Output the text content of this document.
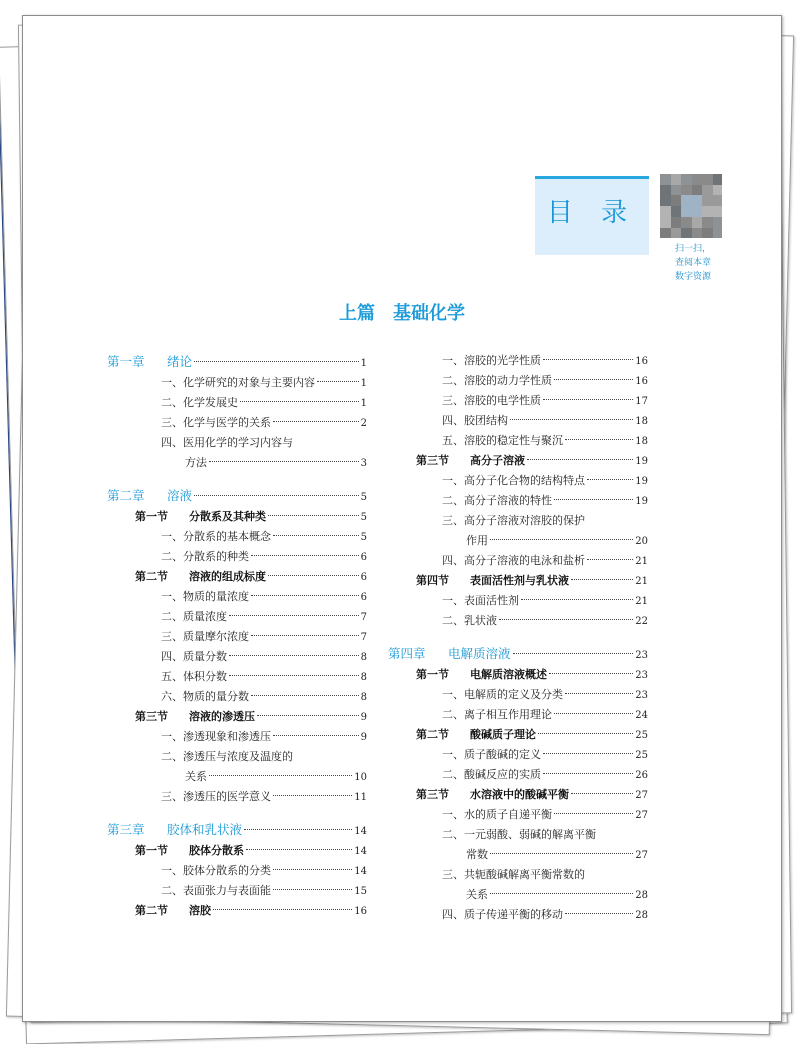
目 录
扫一扫，
查阅本章
数字资源
上篇　基础化学
第一章	绪论	1
一、化学研究的对象与主要内容	1
二、化学发展史	1
三、化学与医学的关系	2
四、医用化学的学习内容与
方法	3
第二章	溶液	5
第一节	分散系及其种类	5
一、分散系的基本概念	5
二、分散系的种类	6
第二节	溶液的组成标度	6
一、物质的量浓度	6
二、质量浓度	7
三、质量摩尔浓度	7
四、质量分数	8
五、体积分数	8
六、物质的量分数	8
第三节	溶液的渗透压	9
一、渗透现象和渗透压	9
二、渗透压与浓度及温度的
关系	10
三、渗透压的医学意义	11
第三章	胶体和乳状液	14
第一节	胶体分散系	14
一、胶体分散系的分类	14
二、表面张力与表面能	15
第二节	溶胶	16
一、溶胶的光学性质	16
二、溶胶的动力学性质	16
三、溶胶的电学性质	17
四、胶团结构	18
五、溶胶的稳定性与聚沉	18
第三节	高分子溶液	19
一、高分子化合物的结构特点	19
二、高分子溶液的特性	19
三、高分子溶液对溶胶的保护
作用	20
四、高分子溶液的电泳和盐析	21
第四节	表面活性剂与乳状液	21
一、表面活性剂	21
二、乳状液	22
第四章	电解质溶液	23
第一节	电解质溶液概述	23
一、电解质的定义及分类	23
二、离子相互作用理论	24
第二节	酸碱质子理论	25
一、质子酸碱的定义	25
二、酸碱反应的实质	26
第三节	水溶液中的酸碱平衡	27
一、水的质子自递平衡	27
二、一元弱酸、弱碱的解离平衡
常数	27
三、共轭酸碱解离平衡常数的
关系	28
四、质子传递平衡的移动	28
